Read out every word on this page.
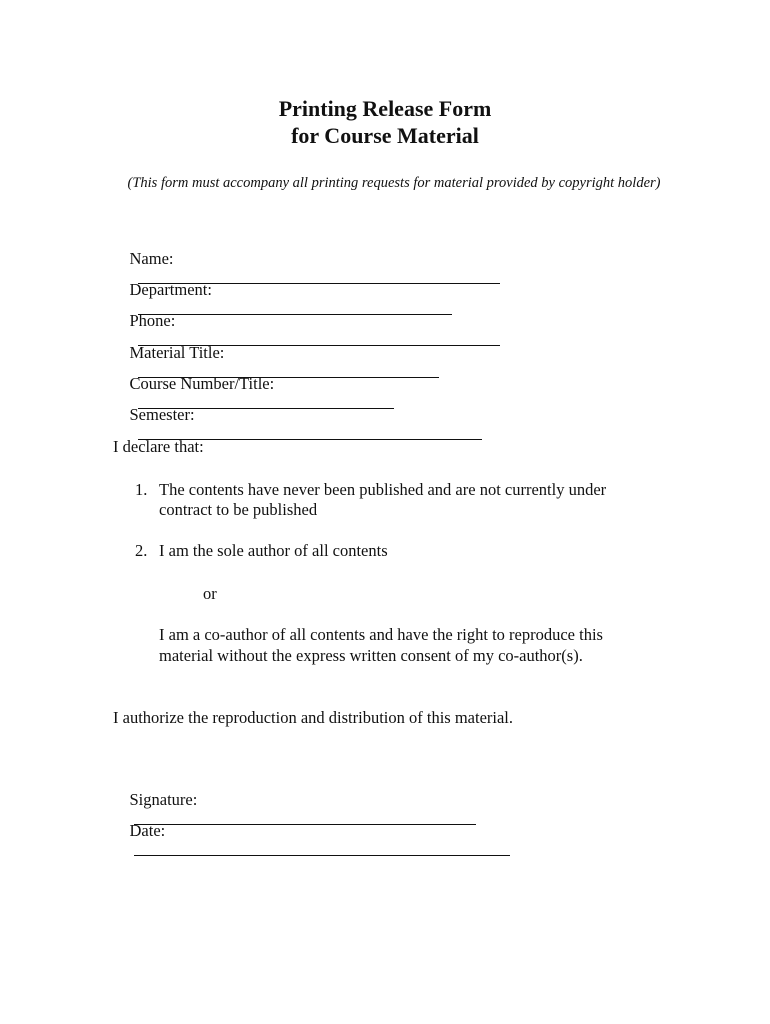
Printing Release Form
for Course Material
(This form must accompany all printing requests for material provided by copyright holder)

Name:

Department:

Phone:

Material Title:

Course Number/Title:

Semester:

I declare that:
1. The contents have never been published and are not currently under
contract to be published
2. I am the sole author of all contents
or
I am a co-author of all contents and have the right to reproduce this
material without the express written consent of my co-author(s).
I authorize the reproduction and distribution of this material.

Signature:

Date:
